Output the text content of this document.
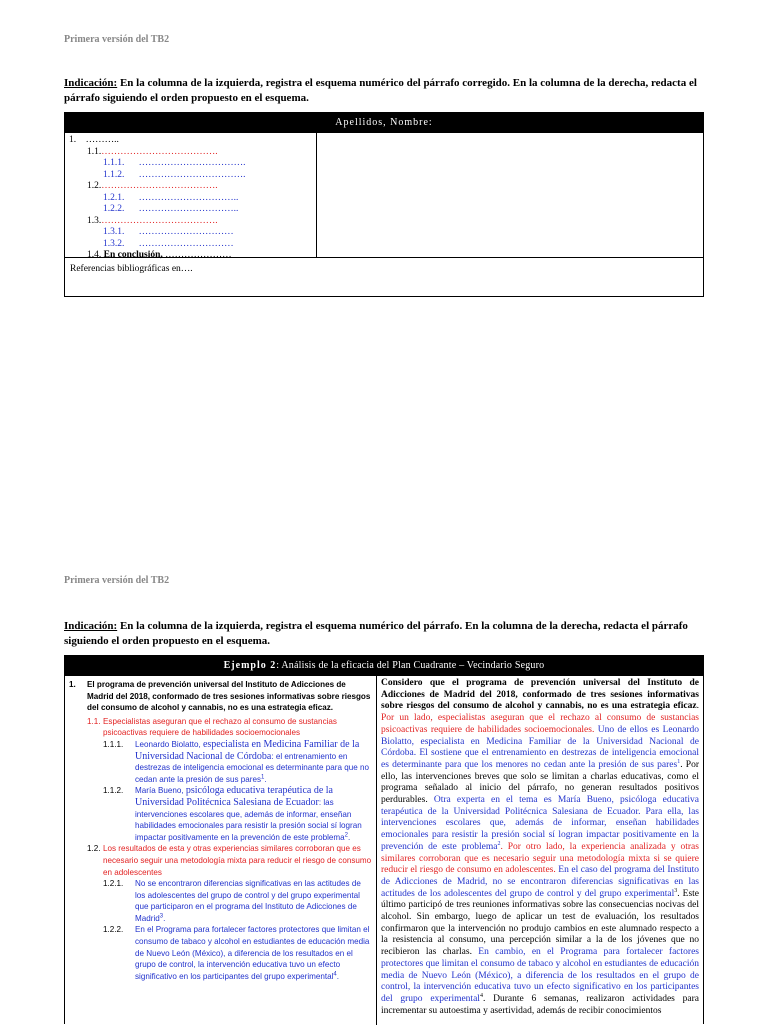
Primera versión del TB2
Indicación: En la columna de la izquierda, registra el esquema numérico del párrafo corregido. En la columna de la derecha, redacta el párrafo siguiendo el orden propuesto en el esquema.
Apellidos, Nombre:
1.    ………..
1.1.……………………………….
1.1.1.      …………………………….
1.1.2.      …………………………….
1.2.……………………………….
1.2.1.      …………………………..
1.2.2.      …………………………..
1.3.……………………………….
1.3.1.      …………………………
1.3.2.      …………………………
1.4. En conclusión, …………………
Referencias bibliográficas en….
Primera versión del TB2
Indicación: En la columna de la izquierda, registra el esquema numérico del párrafo. En la columna de la derecha, redacta el párrafo siguiendo el orden propuesto en el esquema.
Ejemplo 2: Análisis de la eficacia del Plan Cuadrante – Vecindario Seguro
1.	El programa de prevención universal del Instituto de Adicciones de Madrid del 2018, conformado de tres sesiones informativas sobre riesgos del consumo de alcohol y cannabis, no es una estrategia eficaz.
1.1. Especialistas aseguran que el rechazo al consumo de sustancias psicoactivas requiere de habilidades socioemocionales
1.1.1.	Leonardo Biolatto, especialista en Medicina Familiar de la Universidad Nacional de Córdoba: el entrenamiento en destrezas de inteligencia emocional es determinante para que no cedan ante la presión de sus pares$^1$.
1.1.2.	María Bueno, psicóloga educativa terapéutica de la Universidad Politécnica Salesiana de Ecuador: las intervenciones escolares que, además de informar, enseñan habilidades emocionales para resistir la presión social sí logran impactar positivamente en la prevención de este problema$^2$.
1.2. Los resultados de esta y otras experiencias similares corroboran que es necesario seguir una metodología mixta para reducir el riesgo de consumo en adolescentes
1.2.1.	No se encontraron diferencias significativas en las actitudes de los adolescentes del grupo de control y del grupo experimental que participaron en el programa del Instituto de Adicciones de Madrid$^3$.
1.2.2.	En el Programa para fortalecer factores protectores que limitan el consumo de tabaco y alcohol en estudiantes de educación media de Nuevo León (México), a diferencia de los resultados en el grupo de control, la intervención educativa tuvo un efecto significativo en los participantes del grupo experimental$^4$.
Considero que el programa de prevención universal del Instituto de Adicciones de Madrid del 2018, conformado de tres sesiones informativas sobre riesgos del consumo de alcohol y cannabis, no es una estrategia eficaz. Por un lado, especialistas aseguran que el rechazo al consumo de sustancias psicoactivas requiere de habilidades socioemocionales. Uno de ellos es Leonardo Biolatto, especialista en Medicina Familiar de la Universidad Nacional de Córdoba. El sostiene que el entrenamiento en destrezas de inteligencia emocional es determinante para que los menores no cedan ante la presión de sus pares$^1$. Por ello, las intervenciones breves que solo se limitan a charlas educativas, como el programa señalado al inicio del párrafo, no generan resultados positivos perdurables. Otra experta en el tema es María Bueno, psicóloga educativa terapéutica de la Universidad Politécnica Salesiana de Ecuador. Para ella, las intervenciones escolares que, además de informar, enseñan habilidades emocionales para resistir la presión social sí logran impactar positivamente en la prevención de este problema$^2$. Por otro lado, la experiencia analizada y otras similares corroboran que es necesario seguir una metodología mixta si se quiere reducir el riesgo de consumo en adolescentes. En el caso del programa del Instituto de Adicciones de Madrid, no se encontraron diferencias significativas en las actitudes de los adolescentes del grupo de control y del grupo experimental$^3$. Este último participó de tres reuniones informativas sobre las consecuencias nocivas del alcohol. Sin embargo, luego de aplicar un test de evaluación, los resultados confirmaron que la intervención no produjo cambios en este alumnado respecto a la resistencia al consumo, una percepción similar a la de los jóvenes que no recibieron las charlas. En cambio, en el Programa para fortalecer factores protectores que limitan el consumo de tabaco y alcohol en estudiantes de educación media de Nuevo León (México), a diferencia de los resultados en el grupo de control, la intervención educativa tuvo un efecto significativo en los participantes del grupo experimental$^4$. Durante 6 semanas, realizaron actividades para incrementar su autoestima y asertividad, además de recibir conocimientos
